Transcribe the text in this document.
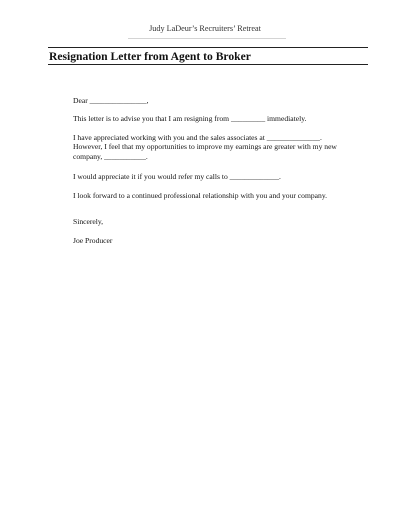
Judy LaDeur’s Recruiters’ Retreat
Resignation Letter from Agent to Broker

Dear _______________,

This letter is to advise you that I am resigning from _________ immediately.

I have appreciated working with you and the sales associates at ______________.
However, I feel that my opportunities to improve my earnings are greater with my new
company, ___________.

I would appreciate it if you would refer my calls to _____________.

I look forward to a continued professional relationship with you and your company.

Sincerely,

Joe Producer
